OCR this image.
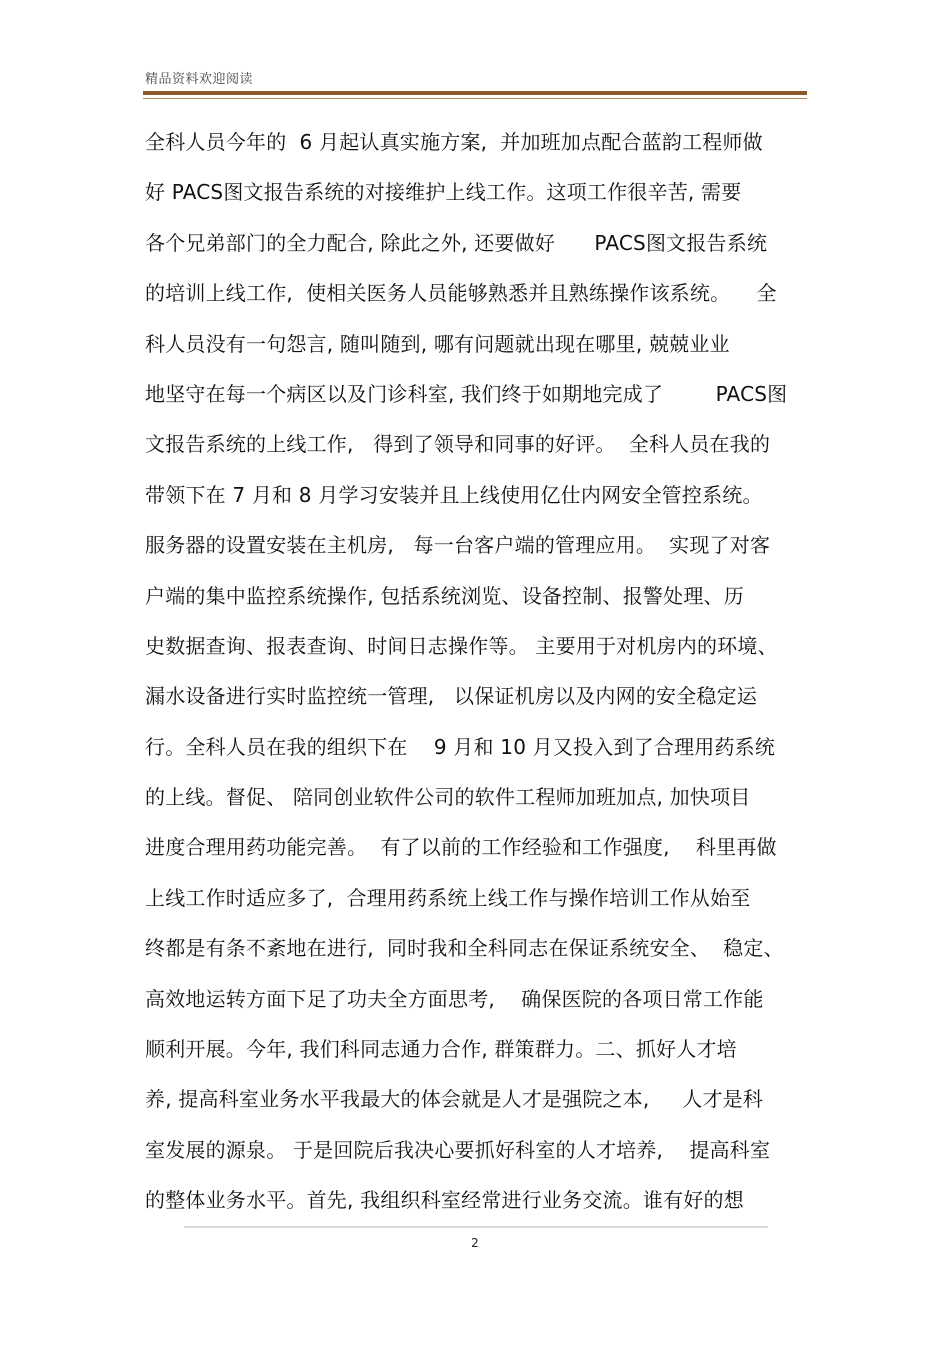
精品资料欢迎阅读
全科人员今年的  6 月起认真实施方案,  并加班加点配合蓝韵工程师做
好 PACS图文报告系统的对接维护上线工作。这项工作很辛苦, 需要
各个兄弟部门的全力配合, 除此之外, 还要做好      PACS图文报告系统
的培训上线工作,  使相关医务人员能够熟悉并且熟练操作该系统。    全
科人员没有一句怨言, 随叫随到, 哪有问题就出现在哪里, 兢兢业业
地坚守在每一个病区以及门诊科室, 我们终于如期地完成了        PACS图
文报告系统的上线工作,   得到了领导和同事的好评。  全科人员在我的
带领下在 7 月和 8 月学习安装并且上线使用亿仕内网安全管控系统。
服务器的设置安装在主机房,   每一台客户端的管理应用。  实现了对客
户端的集中监控系统操作, 包括系统浏览、设备控制、报警处理、历
史数据查询、报表查询、时间日志操作等。 主要用于对机房内的环境、
漏水设备进行实时监控统一管理,   以保证机房以及内网的安全稳定运
行。全科人员在我的组织下在    9 月和 10 月又投入到了合理用药系统
的上线。督促、 陪同创业软件公司的软件工程师加班加点, 加快项目
进度合理用药功能完善。  有了以前的工作经验和工作强度,    科里再做
上线工作时适应多了,  合理用药系统上线工作与操作培训工作从始至
终都是有条不紊地在进行,  同时我和全科同志在保证系统安全、  稳定、
高效地运转方面下足了功夫全方面思考,    确保医院的各项日常工作能
顺利开展。今年, 我们科同志通力合作, 群策群力。二、抓好人才培
养, 提高科室业务水平我最大的体会就是人才是强院之本,     人才是科
室发展的源泉。 于是回院后我决心要抓好科室的人才培养,    提高科室
的整体业务水平。首先, 我组织科室经常进行业务交流。谁有好的想
2
